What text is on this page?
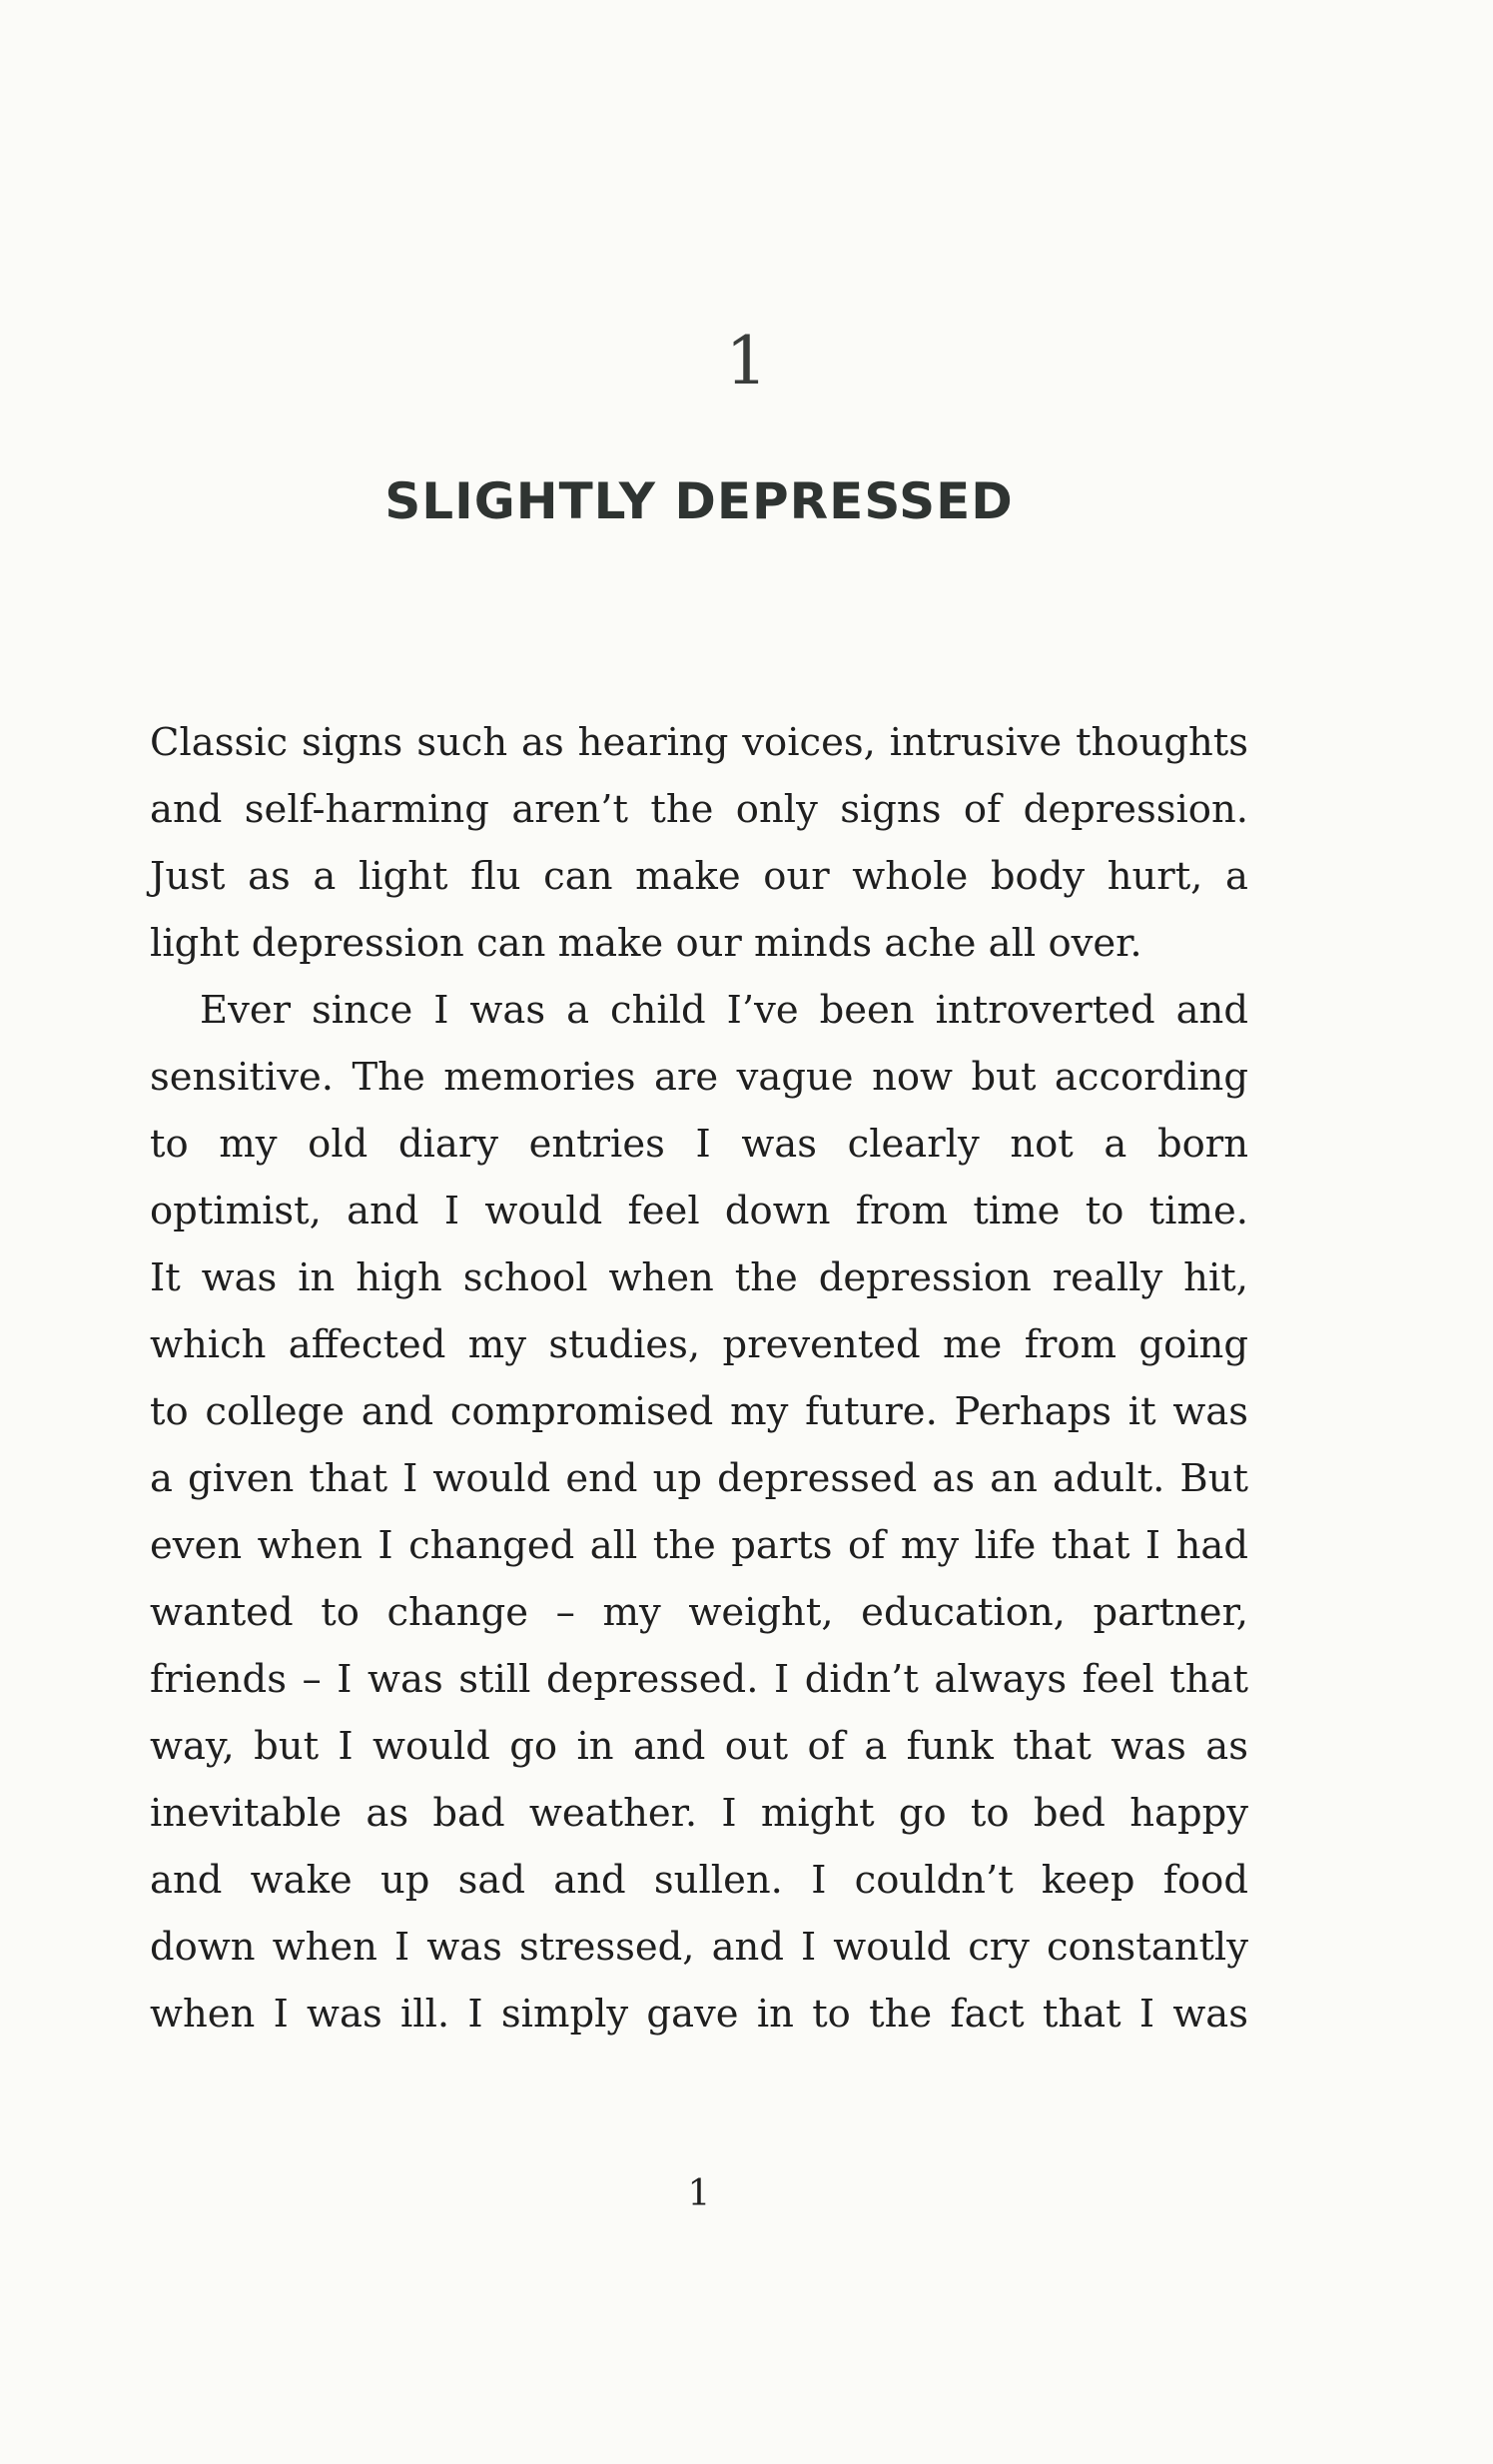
1
SLIGHTLY DEPRESSED

Classic signs such as hearing voices, intrusive thoughts
and self-harming aren’t the only signs of depression.
Just as a light flu can make our whole body hurt, a
light depression can make our minds ache all over.

Ever since I was a child I’ve been introverted and
sensitive. The memories are vague now but according
to my old diary entries I was clearly not a born
optimist, and I would feel down from time to time.
It was in high school when the depression really hit,
which affected my studies, prevented me from going
to college and compromised my future. Perhaps it was
a given that I would end up depressed as an adult. But
even when I changed all the parts of my life that I had
wanted to change – my weight, education, partner,
friends – I was still depressed. I didn’t always feel that
way, but I would go in and out of a funk that was as
inevitable as bad weather. I might go to bed happy
and wake up sad and sullen. I couldn’t keep food
down when I was stressed, and I would cry constantly
when I was ill. I simply gave in to the fact that I was

1
